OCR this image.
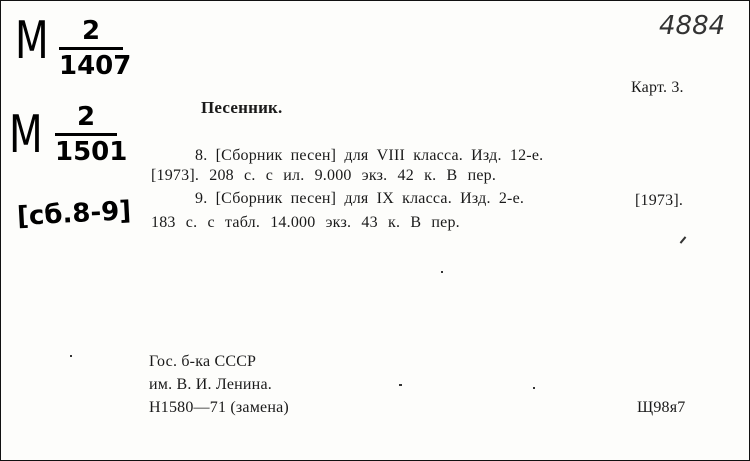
M	2
1407
M	2
1501
[сб.8-9]
4884
Карт. 3.
Песенник.
8. [Сборник песен] для VIII класса. Изд. 12-е.
[1973]. 208 с. с ил. 9.000 экз. 42 к. В пер.
9. [Сборник песен] для IX класса. Изд. 2-е.	[1973].
183 с. с табл. 14.000 экз. 43 к. В пер.
Гос. б-ка СССР
им. В. И. Ленина.
Н1580—71 (замена)	Щ98я7
